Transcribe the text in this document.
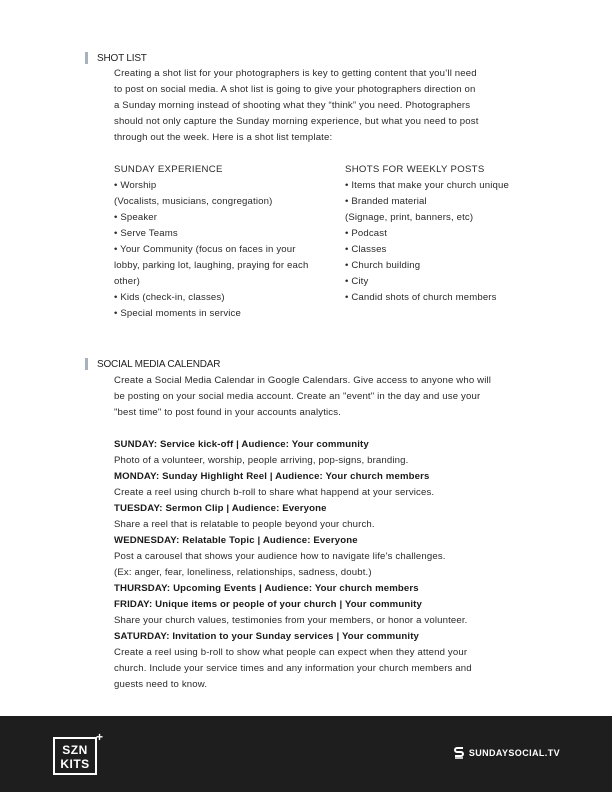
SHOT LIST

Creating a shot list for your photographers is key to getting content that you’ll need

to post on social media. A shot list is going to give your photographers direction on

a Sunday morning instead of shooting what they “think” you need. Photographers

should not only capture the Sunday morning experience, but what you need to post

through out the week. Here is a shot list template:

SUNDAY EXPERIENCE
• Worship
(Vocalists, musicians, congregation)
• Speaker
• Serve Teams
• Your Community (focus on faces in your
lobby, parking lot, laughing, praying for each
other)
• Kids (check-in, classes)
• Special moments in service
SHOTS FOR WEEKLY POSTS
• Items that make your church unique
• Branded material
(Signage, print, banners, etc)
• Podcast
• Classes
• Church building
• City
• Candid shots of church members
SOCIAL MEDIA CALENDAR

Create a Social Media Calendar in Google Calendars. Give access to anyone who will

be posting on your social media account. Create an "event" in the day and use your

"best time" to post found in your accounts analytics.

SUNDAY: Service kick-off | Audience: Your community
Photo of a volunteer, worship, people arriving, pop-signs, branding.
MONDAY: Sunday Highlight Reel | Audience: Your church members
Create a reel using church b-roll to share what happend at your services.
TUESDAY: Sermon Clip | Audience: Everyone
Share a reel that is relatable to people beyond your church.
WEDNESDAY: Relatable Topic | Audience: Everyone
Post a carousel that shows your audience how to navigate life’s challenges.
(Ex: anger, fear, loneliness, relationships, sadness, doubt.)
THURSDAY: Upcoming Events | Audience: Your church members
FRIDAY: Unique items or people of your church | Your community
Share your church values, testimonies from your members, or honor a volunteer.
SATURDAY: Invitation to your Sunday services | Your community
Create a reel using b-roll to show what people can expect when they attend your
church. Include your service times and any information your church members and
guests need to know.
SZN
KITS
+
SUNDAYSOCIAL.TV
